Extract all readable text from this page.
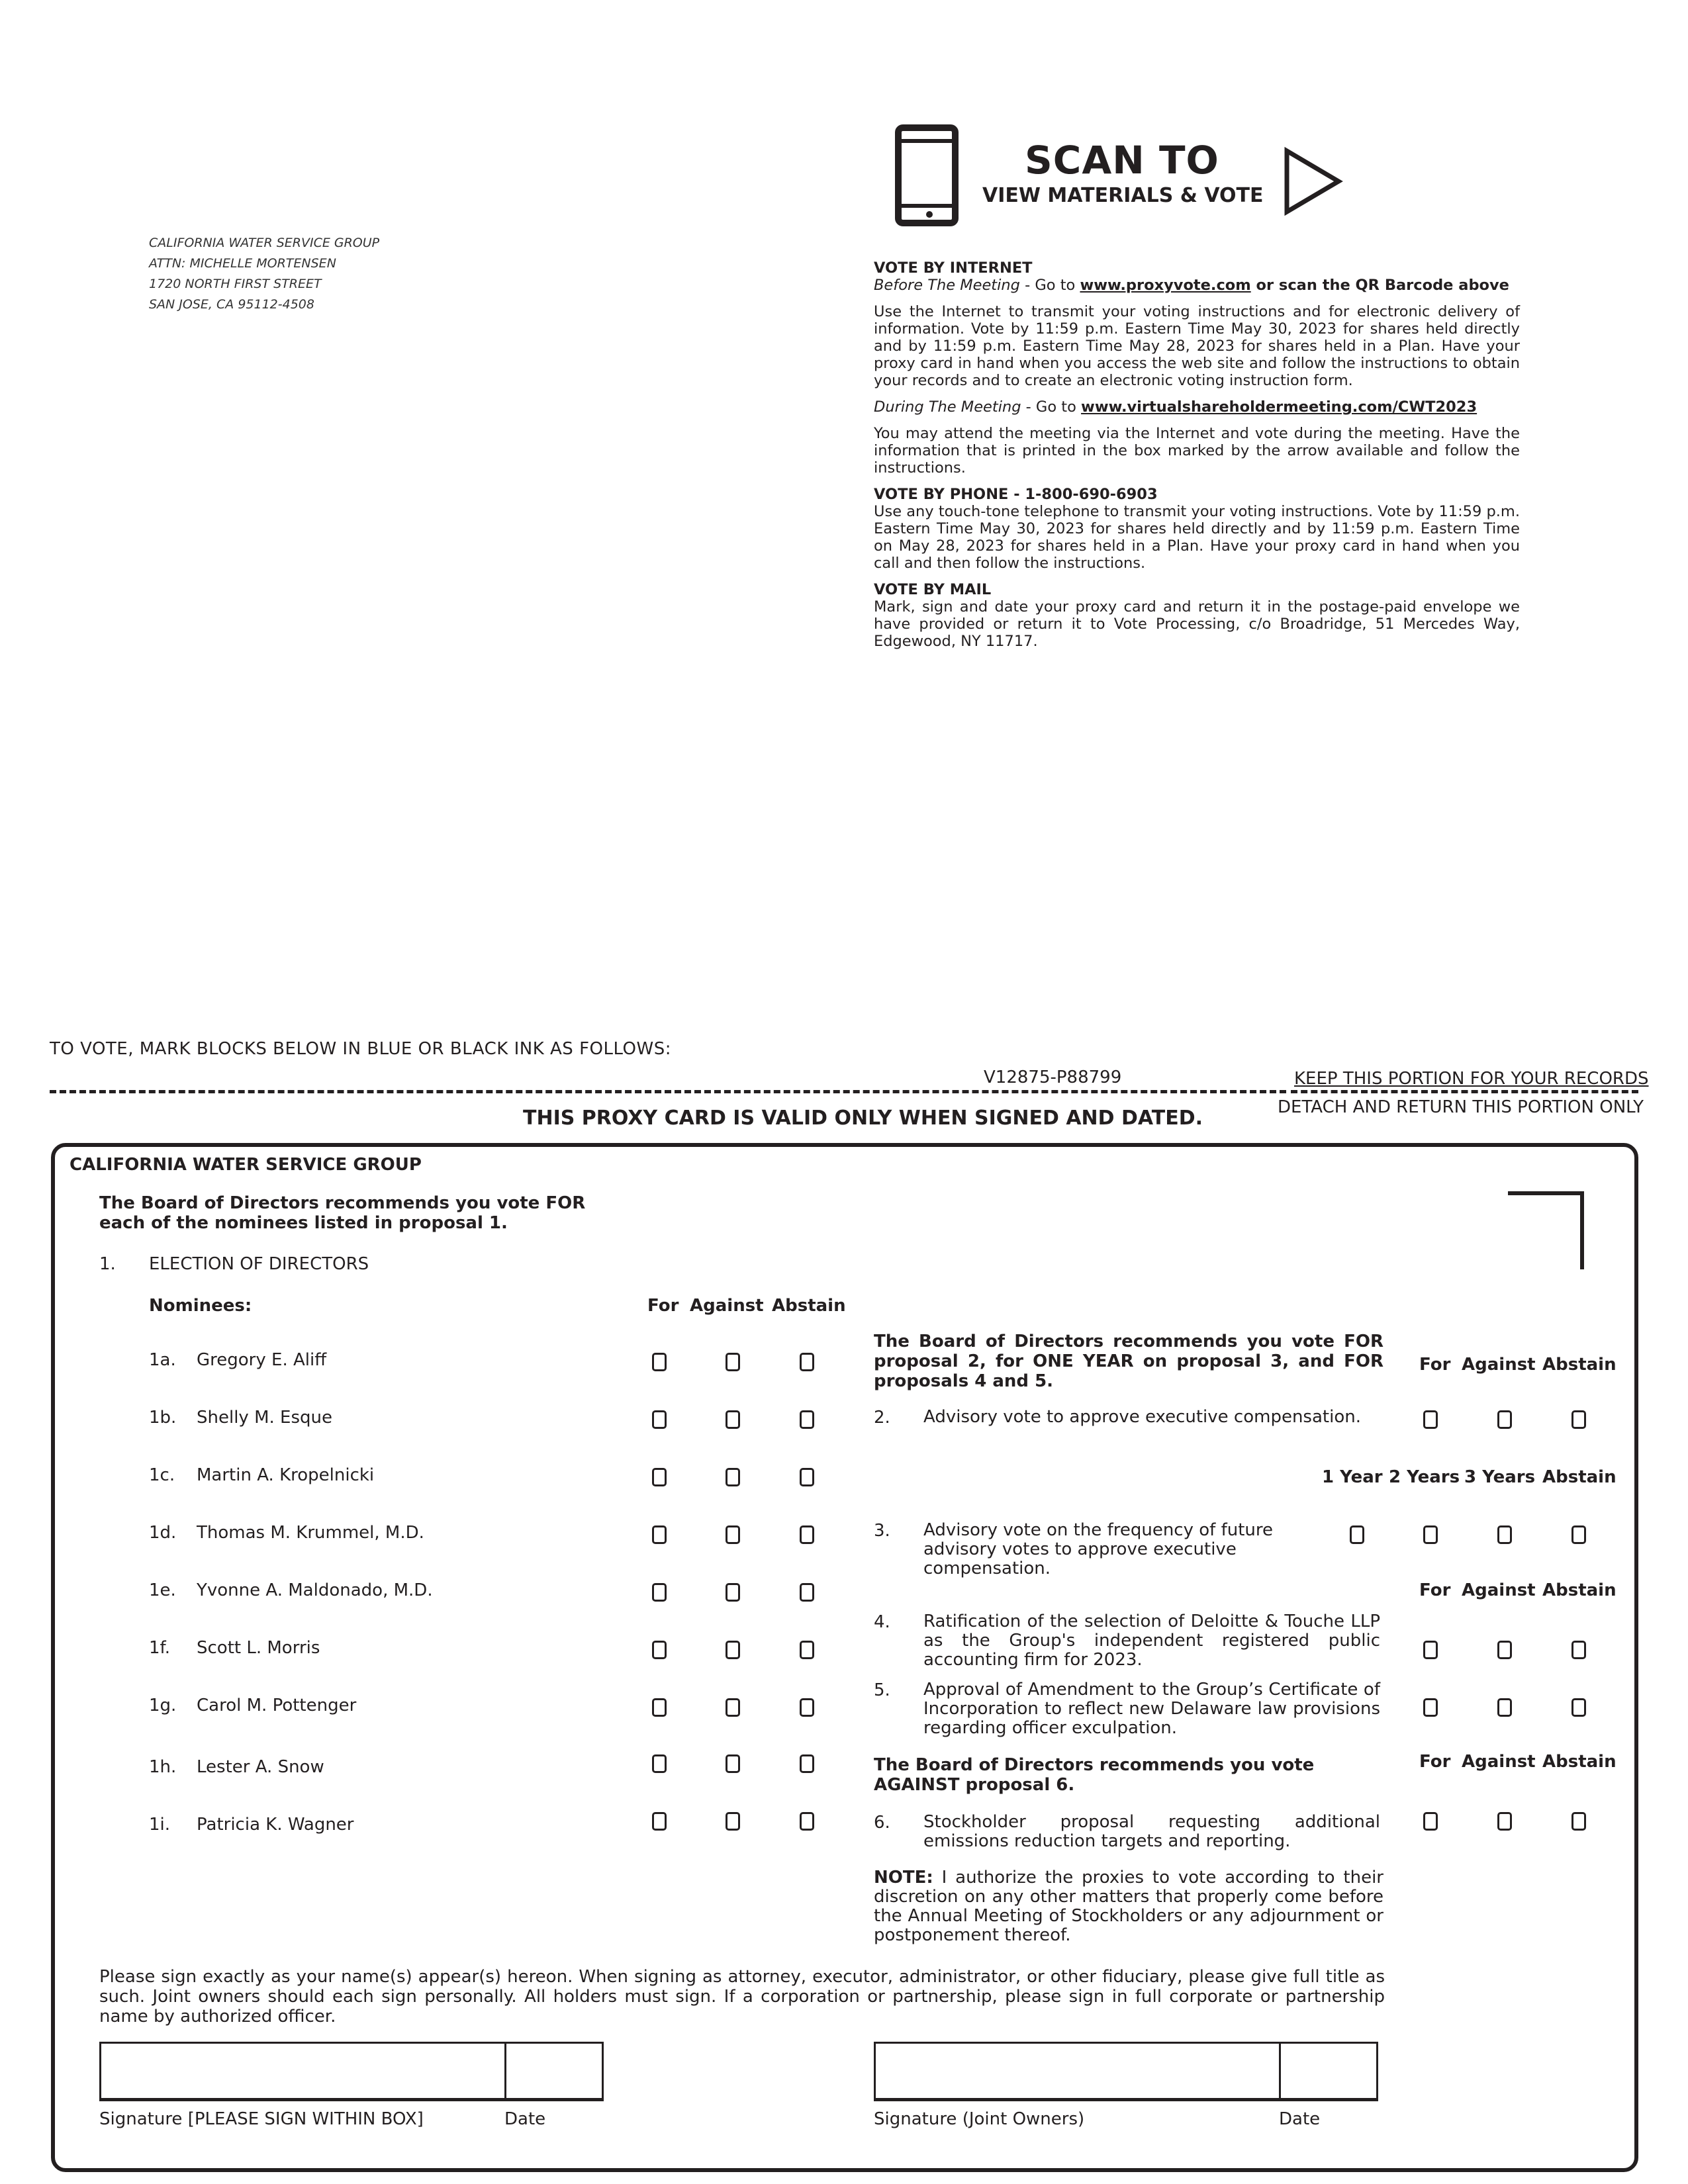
CALIFORNIA WATER SERVICE GROUP
ATTN: MICHELLE MORTENSEN
1720 NORTH FIRST STREET
SAN JOSE, CA 95112-4508
SCAN TO
VIEW MATERIALS & VOTE

VOTE BY INTERNET

Before The Meeting - Go to www.proxyvote.com or scan the QR Barcode above

Use the Internet to transmit your voting instructions and for electronic delivery of information. Vote by 11:59 p.m. Eastern Time May 30, 2023 for shares held directly and by 11:59 p.m. Eastern Time May 28, 2023 for shares held in a Plan. Have your proxy card in hand when you access the web site and follow the instructions to obtain your records and to create an electronic voting instruction form.

During The Meeting - Go to www.virtualshareholdermeeting.com/CWT2023

You may attend the meeting via the Internet and vote during the meeting. Have the information that is printed in the box marked by the arrow available and follow the instructions.

VOTE BY PHONE - 1-800-690-6903

Use any touch-tone telephone to transmit your voting instructions. Vote by 11:59 p.m. Eastern Time May 30, 2023 for shares held directly and by 11:59 p.m. Eastern Time on May 28, 2023 for shares held in a Plan. Have your proxy card in hand when you call and then follow the instructions.

VOTE BY MAIL

Mark, sign and date your proxy card and return it in the postage-paid envelope we have provided or return it to Vote Processing, c/o Broadridge, 51 Mercedes Way, Edgewood, NY 11717.

TO VOTE, MARK BLOCKS BELOW IN BLUE OR BLACK INK AS FOLLOWS:
V12875-P88799	KEEP THIS PORTION FOR YOUR RECORDS
DETACH AND RETURN THIS PORTION ONLY
THIS PROXY CARD IS VALID ONLY WHEN SIGNED AND DATED.
CALIFORNIA WATER SERVICE GROUP
The Board of Directors recommends you vote FOR each of the nominees listed in proposal 1.
1. ELECTION OF DIRECTORS
Nominees:	For Against Abstain
1a. Gregory E. Aliff
1b. Shelly M. Esque
1c. Martin A. Kropelnicki
1d. Thomas M. Krummel, M.D.
1e. Yvonne A. Maldonado, M.D.
1f. Scott L. Morris
1g. Carol M. Pottenger
1h. Lester A. Snow
1i. Patricia K. Wagner
The Board of Directors recommends you vote FOR proposal 2, for ONE YEAR on proposal 3, and FOR proposals 4 and 5.
For Against Abstain
2. Advisory vote to approve executive compensation.
1 Year 2 Years 3 Years Abstain
3. Advisory vote on the frequency of future advisory votes to approve executive compensation.
For Against Abstain
4. Ratification of the selection of Deloitte & Touche LLP as the Group's independent registered public accounting firm for 2023.
5. Approval of Amendment to the Group’s Certificate of Incorporation to reflect new Delaware law provisions regarding officer exculpation.
The Board of Directors recommends you vote AGAINST proposal 6.
For Against Abstain
6. Stockholder proposal requesting additional emissions reduction targets and reporting.
NOTE: I authorize the proxies to vote according to their discretion on any other matters that properly come before the Annual Meeting of Stockholders or any adjournment or postponement thereof.
Please sign exactly as your name(s) appear(s) hereon. When signing as attorney, executor, administrator, or other fiduciary, please give full title as such. Joint owners should each sign personally. All holders must sign. If a corporation or partnership, please sign in full corporate or partnership name by authorized officer.
Signature [PLEASE SIGN WITHIN BOX]	Date	Signature (Joint Owners)	Date
